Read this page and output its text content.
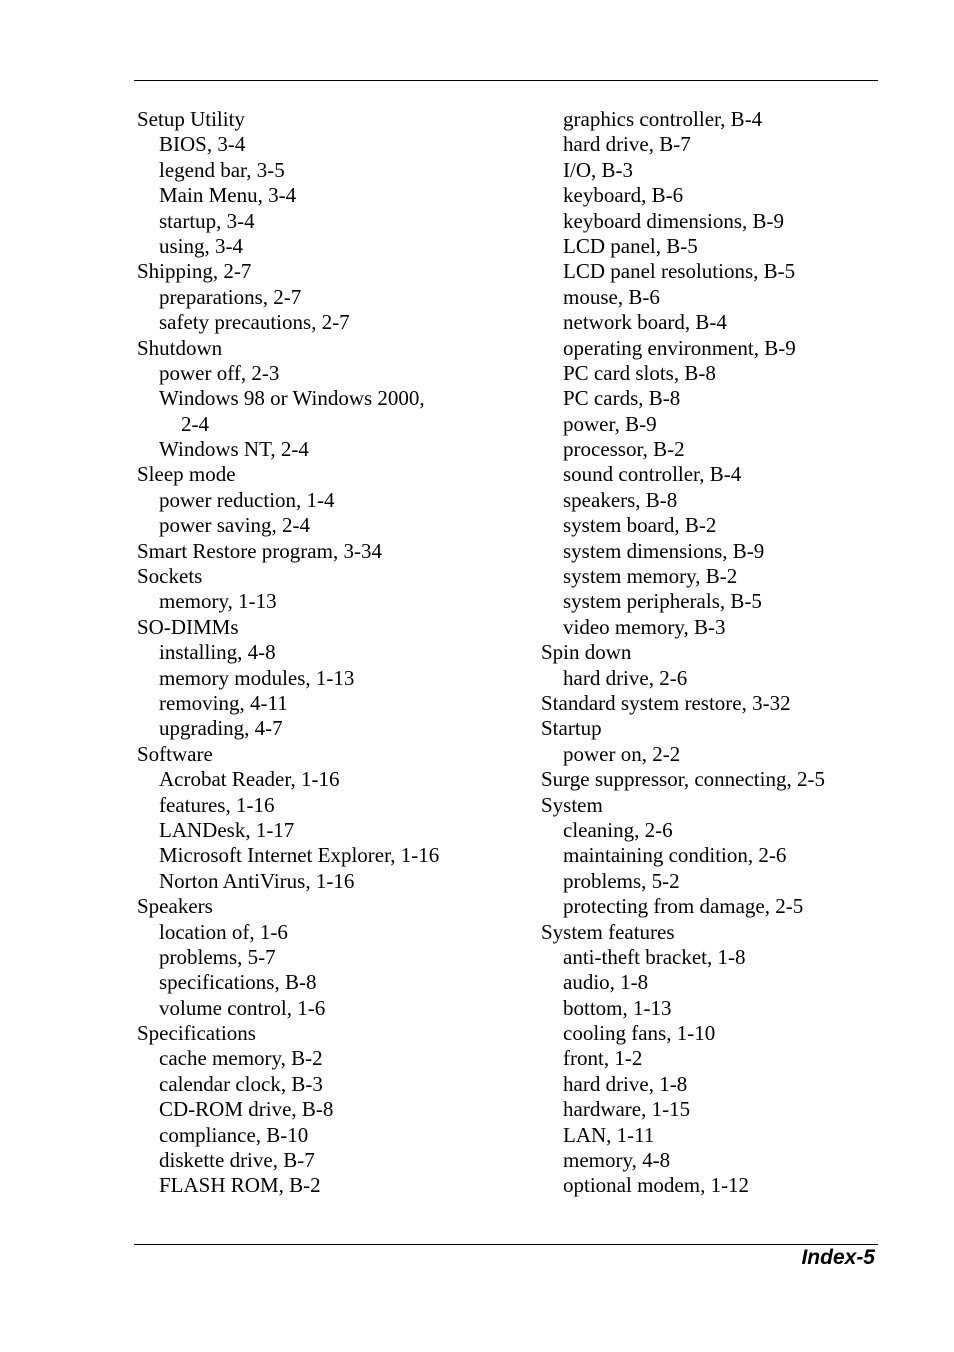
Setup Utility
BIOS, 3-4
legend bar, 3-5
Main Menu, 3-4
startup, 3-4
using, 3-4
Shipping, 2-7
preparations, 2-7
safety precautions, 2-7
Shutdown
power off, 2-3
Windows 98 or Windows 2000,
2-4
Windows NT, 2-4
Sleep mode
power reduction, 1-4
power saving, 2-4
Smart Restore program, 3-34
Sockets
memory, 1-13
SO-DIMMs
installing, 4-8
memory modules, 1-13
removing, 4-11
upgrading, 4-7
Software
Acrobat Reader, 1-16
features, 1-16
LANDesk, 1-17
Microsoft Internet Explorer, 1-16
Norton AntiVirus, 1-16
Speakers
location of, 1-6
problems, 5-7
specifications, B-8
volume control, 1-6
Specifications
cache memory, B-2
calendar clock, B-3
CD-ROM drive, B-8
compliance, B-10
diskette drive, B-7
FLASH ROM, B-2
graphics controller, B-4
hard drive, B-7
I/O, B-3
keyboard, B-6
keyboard dimensions, B-9
LCD panel, B-5
LCD panel resolutions, B-5
mouse, B-6
network board, B-4
operating environment, B-9
PC card slots, B-8
PC cards, B-8
power, B-9
processor, B-2
sound controller, B-4
speakers, B-8
system board, B-2
system dimensions, B-9
system memory, B-2
system peripherals, B-5
video memory, B-3
Spin down
hard drive, 2-6
Standard system restore, 3-32
Startup
power on, 2-2
Surge suppressor, connecting, 2-5
System
cleaning, 2-6
maintaining condition, 2-6
problems, 5-2
protecting from damage, 2-5
System features
anti-theft bracket, 1-8
audio, 1-8
bottom, 1-13
cooling fans, 1-10
front, 1-2
hard drive, 1-8
hardware, 1-15
LAN, 1-11
memory, 4-8
optional modem, 1-12
Index-5
